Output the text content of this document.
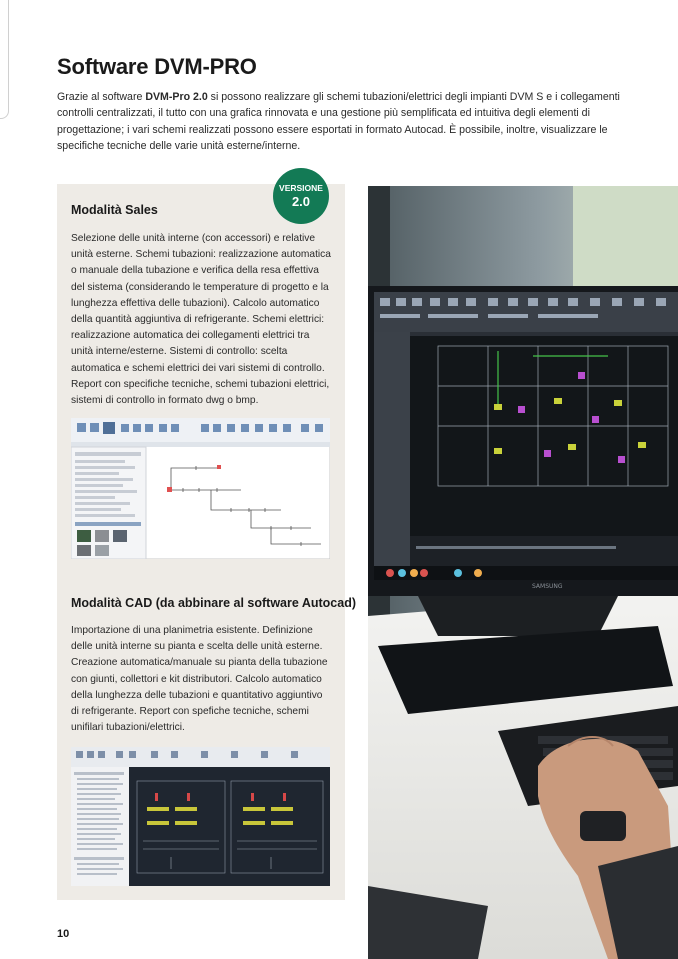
Software DVM-PRO
Grazie al software DVM-Pro 2.0 si possono realizzare gli schemi tubazioni/elettrici degli impianti DVM S e i collegamenti controlli centralizzati, il tutto con una grafica rinnovata e una gestione più semplificata ed intuitiva degli elementi di progettazione; i vari schemi realizzati possono essere esportati in formato Autocad. È possibile, inoltre, visualizzare le specifiche tecniche delle varie unità esterne/interne.
VERSIONE
2.0
Modalità Sales
Selezione delle unità interne (con accessori) e relative unità esterne. Schemi tubazioni: realizzazione automatica o manuale della tubazione e verifica della resa effettiva del sistema (considerando le temperature di progetto e la lunghezza effettiva delle tubazioni). Calcolo automatico della quantità aggiuntiva di refrigerante. Schemi elettrici: realizzazione automatica dei collegamenti elettrici tra unità interne/esterne. Sistemi di controllo: scelta automatica e schemi elettrici dei vari sistemi di controllo. Report con specifiche tecniche, schemi tubazioni elettrici, sistemi di controllo in formato dwg o bmp.
Modalità CAD (da abbinare al software Autocad)
Importazione di una planimetria esistente. Definizione delle unità interne su pianta e scelta delle unità esterne. Creazione automatica/manuale su pianta della tubazione con giunti, collettori e kit distributori. Calcolo automatico della lunghezza delle tubazioni e quantitativo aggiuntivo di refrigerante. Report con spefiche tecniche, schemi unifilari tubazioni/elettrici.
10
SAMSUNG
